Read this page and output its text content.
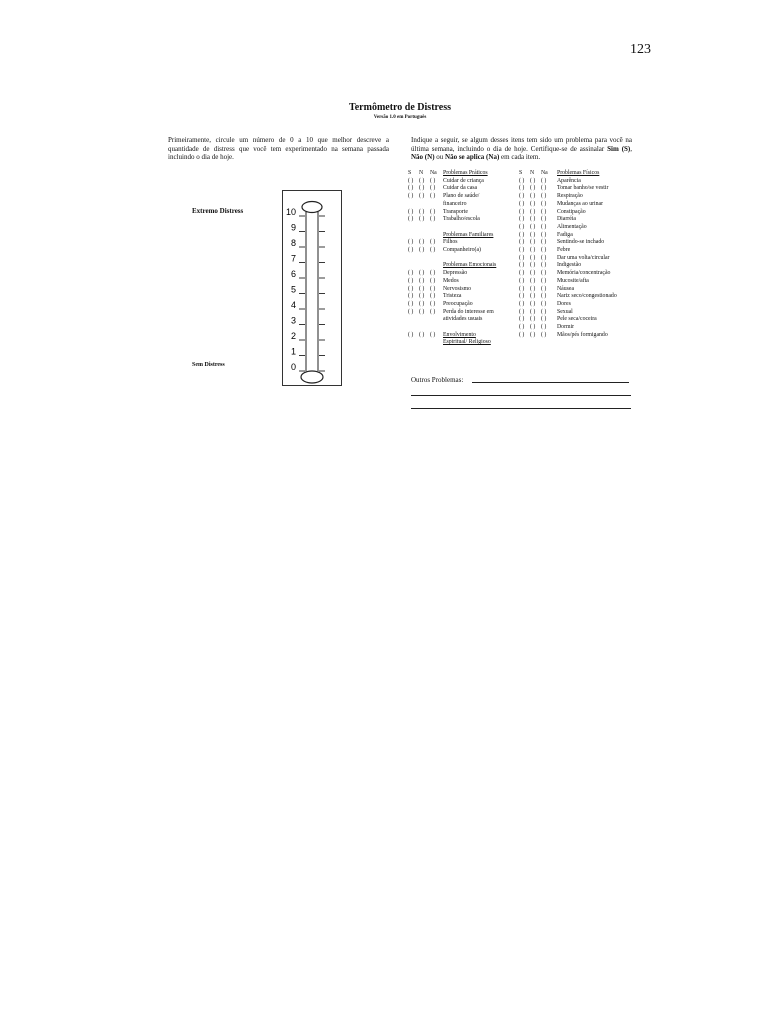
123
Termômetro de Distress
Versão 1.0 em Português
Primeiramente, circule um número de 0 a 10 que melhor descreve a quantidade de distress que você tem experimentado na semana passada incluindo o dia de hoje.
Indique a seguir, se algum desses itens tem sido um problema para você na última semana, incluindo o dia de hoje. Certifique-se de assinalar Sim (S), Não (N) ou Não se aplica (Na) em cada item.
Extremo Distress
Sem Distress
10
9
8
7
6
5
4
3
2
1
0
S N Na	Problemas Práticos
( ) ( ) ( )	Cuidar de criança
( ) ( ) ( )	Cuidar da casa
( ) ( ) ( )	Plano de saúde/
financeiro
( ) ( ) ( )	Transporte
( ) ( ) ( )	Trabalho/escola
Problemas Familiares
( ) ( ) ( )	Filhos
( ) ( ) ( )	Companheiro(a)
Problemas Emocionais
( ) ( ) ( )	Depressão
( ) ( ) ( )	Medos
( ) ( ) ( )	Nervosismo
( ) ( ) ( )	Tristeza
( ) ( ) ( )	Preocupação
( ) ( ) ( )	Perda do interesse em
atividades usuais
( ) ( ) ( )	Envolvimento
Espiritual/ Religioso
S N Na	Problemas Físicos
( ) ( ) ( )	Aparência
( ) ( ) ( )	Tomar banho/se vestir
( ) ( ) ( )	Respiração
( ) ( ) ( )	Mudanças ao urinar
( ) ( ) ( )	Constipação
( ) ( ) ( )	Diarréia
( ) ( ) ( )	Alimentação
( ) ( ) ( )	Fadiga
( ) ( ) ( )	Sentindo-se inchado
( ) ( ) ( )	Febre
( ) ( ) ( )	Dar uma volta/circular
( ) ( ) ( )	Indigestão
( ) ( ) ( )	Memória/concentração
( ) ( ) ( )	Mucosite/afta
( ) ( ) ( )	Náusea
( ) ( ) ( )	Nariz seco/congestionado
( ) ( ) ( )	Dores
( ) ( ) ( )	Sexual
( ) ( ) ( )	Pele seca/coceira
( ) ( ) ( )	Dormir
( ) ( ) ( )	Mãos/pés formigando
Outros Problemas:
